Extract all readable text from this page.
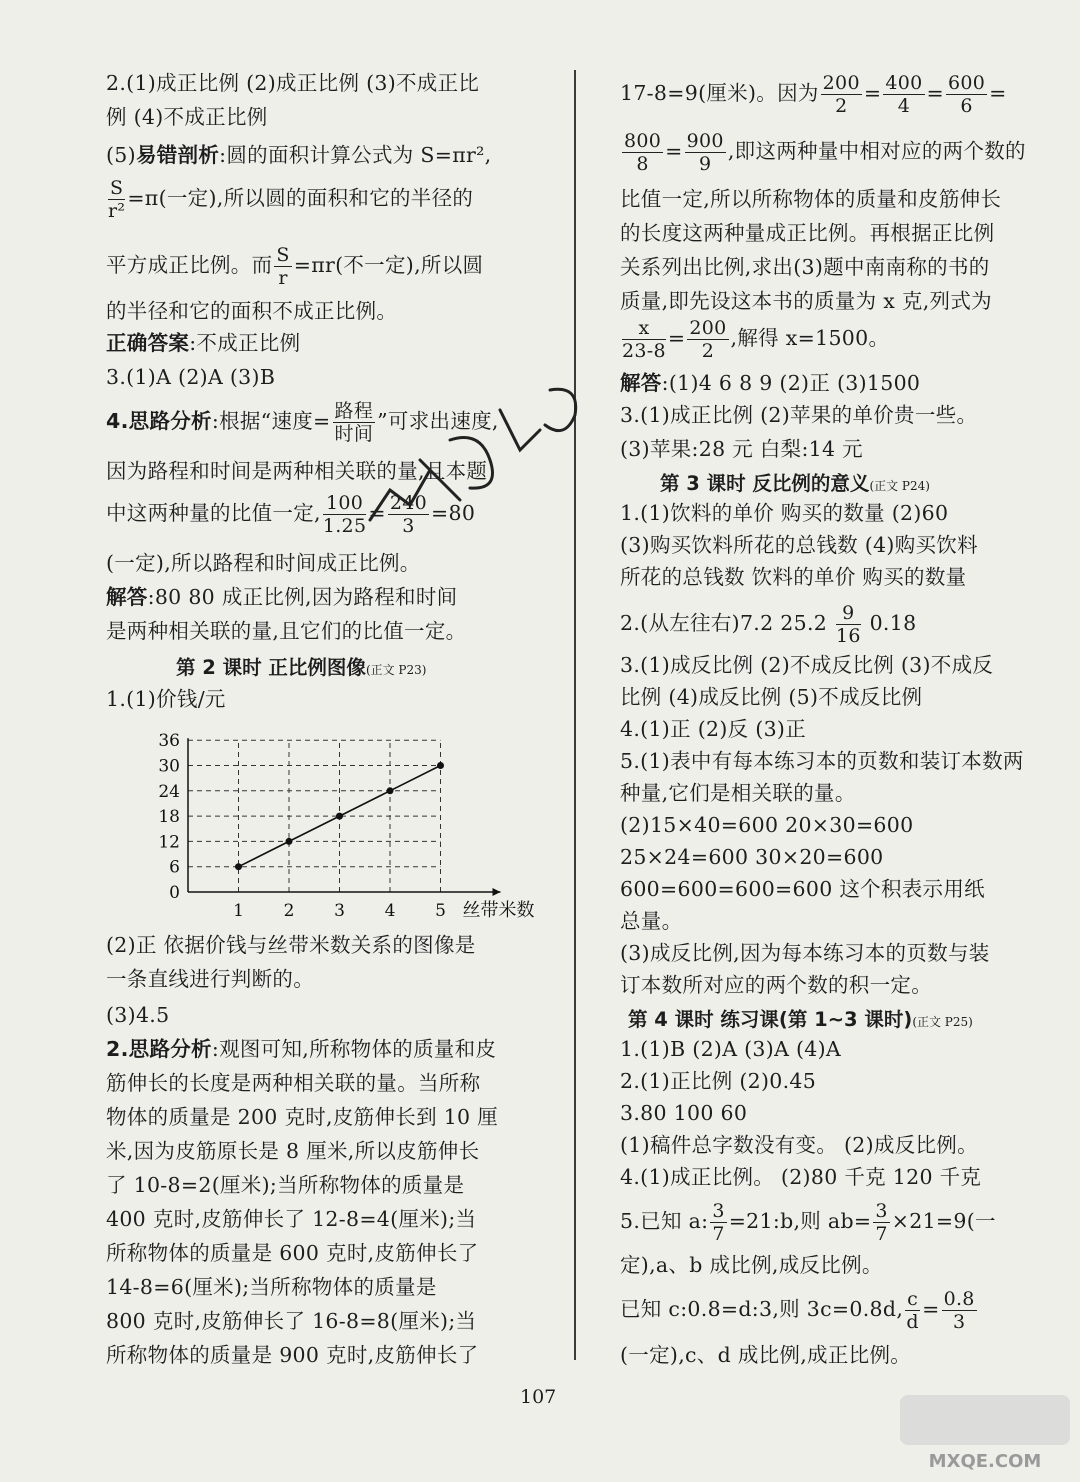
2.(1)成正比例 (2)成正比例 (3)不成正比
例 (4)不成正比例
(5)易错剖析:圆的面积计算公式为 S=πr²,
$\frac{S}{\text{r²}} =\pi$(一定),所以圆的面积和它的半径的
平方成正比例。而 $\frac{S}{r} =\pi r$(不一定),所以圆
的半径和它的面积不成正比例。
正确答案:不成正比例
3.(1)A (2)A (3)B
4.思路分析:根据“速度= $\frac{\text{路程}}{\text{时间}}$ ”可求出速度,
因为路程和时间是两种相关联的量,且本题
中这两种量的比值一定, $\frac{100}{1.25} = \frac{240}{3} =80$
(一定),所以路程和时间成正比例。
解答:80 80 成正比例,因为路程和时间
是两种相关联的量,且它们的比值一定。
第 2 课时 正比例图像(正文 P23)
1.(1)价钱/元
0
6
12
18
24
30
36
1 2 3 4 5 丝带米数
(2)正 依据价钱与丝带米数关系的图像是
一条直线进行判断的。
(3)4.5
2.思路分析:观图可知,所称物体的质量和皮
筋伸长的长度是两种相关联的量。当所称
物体的质量是 200 克时,皮筋伸长到 10 厘
米,因为皮筋原长是 8 厘米,所以皮筋伸长
了 10-8=2(厘米);当所称物体的质量是
400 克时,皮筋伸长了 12-8=4(厘米);当
所称物体的质量是 600 克时,皮筋伸长了
14-8=6(厘米);当所称物体的质量是
800 克时,皮筋伸长了 16-8=8(厘米);当
所称物体的质量是 900 克时,皮筋伸长了
17-8=9(厘米)。因为 $\frac{200}{2} = \frac{400}{4} = \frac{600}{6}$ =
$\frac{800}{8} = \frac{900}{9}$ ,即这两种量中相对应的两个数的
比值一定,所以所称物体的质量和皮筋伸长
的长度这两种量成正比例。再根据正比例
关系列出比例,求出(3)题中南南称的书的
质量,即先设这本书的质量为 x 克,列式为
$\frac{x}{23-8} = \frac{200}{2}$ ,解得 x=1500。
解答:(1)4 6 8 9 (2)正 (3)1500
3.(1)成正比例 (2)苹果的单价贵一些。
(3)苹果:28 元 白梨:14 元
第 3 课时 反比例的意义(正文 P24)
1.(1)饮料的单价 购买的数量 (2)60
(3)购买饮料所花的总钱数 (4)购买饮料
所花的总钱数 饮料的单价 购买的数量
2.(从左往右)7.2 $25.2 \frac{9}{16} 0.18$
3.(1)成反比例 (2)不成反比例 (3)不成反
比例 (4)成反比例 (5)不成反比例
4.(1)正 (2)反 (3)正
5.(1)表中有每本练习本的页数和装订本数两
种量,它们是相关联的量。
(2)15×40=600 20×30=600
25×24=600 30×20=600
600=600=600=600 这个积表示用纸
总量。
(3)成反比例,因为每本练习本的页数与装
订本数所对应的两个数的积一定。
第 4 课时 练习课(第 1~3 课时)(正文 P25)
1.(1)B (2)A (3)A (4)A
2.(1)正比例 (2)0.45
3.80 100 60
(1)稿件总字数没有变。 (2)成反比例。
4.(1)成正比例。 (2)80 千克 120 千克
5.已知 a: $\frac{3}{7}$ =21:b,则 $ab= \frac{3}{7} \times 21=9$(一
定),a、b 成比例,成反比例。
已知 c:0.8=d:3,则 3c=0.8d, $\frac{c}{d} = \frac{0.8}{3}$
(一定),c、d 成比例,成正比例。
107
MXQE.COM
